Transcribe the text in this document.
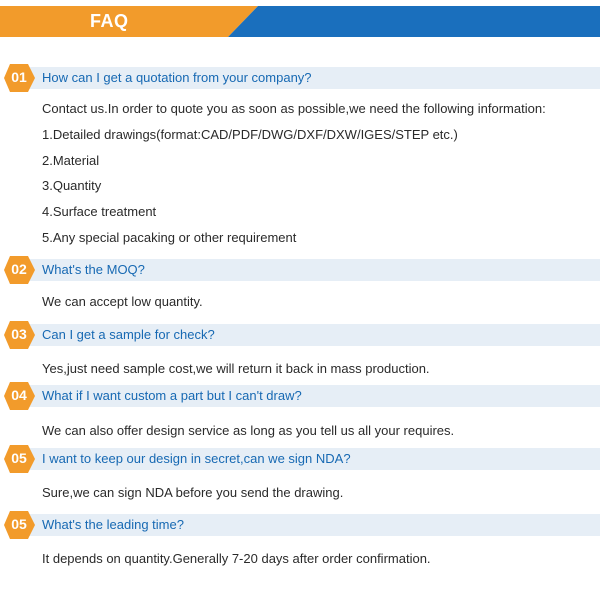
FAQ
01	How can I get a quotation from your company?
Contact us.In order to quote you as soon as possible,we need the following information:
1.Detailed drawings(format:CAD/PDF/DWG/DXF/DXW/IGES/STEP etc.)
2.Material
3.Quantity
4.Surface treatment
5.Any special pacaking or other requirement
02	What's the MOQ?
We can accept low quantity.
03	Can I get a sample for check?
Yes,just need sample cost,we will return it back in mass production.
04	What if I want custom a part but I can't draw?
We can also offer design service as long as you tell us all your requires.
05	I want to keep our design in secret,can we sign NDA?
Sure,we can sign NDA before you send the drawing.
05	What's the leading time?
It depends on quantity.Generally 7-20 days after order confirmation.
